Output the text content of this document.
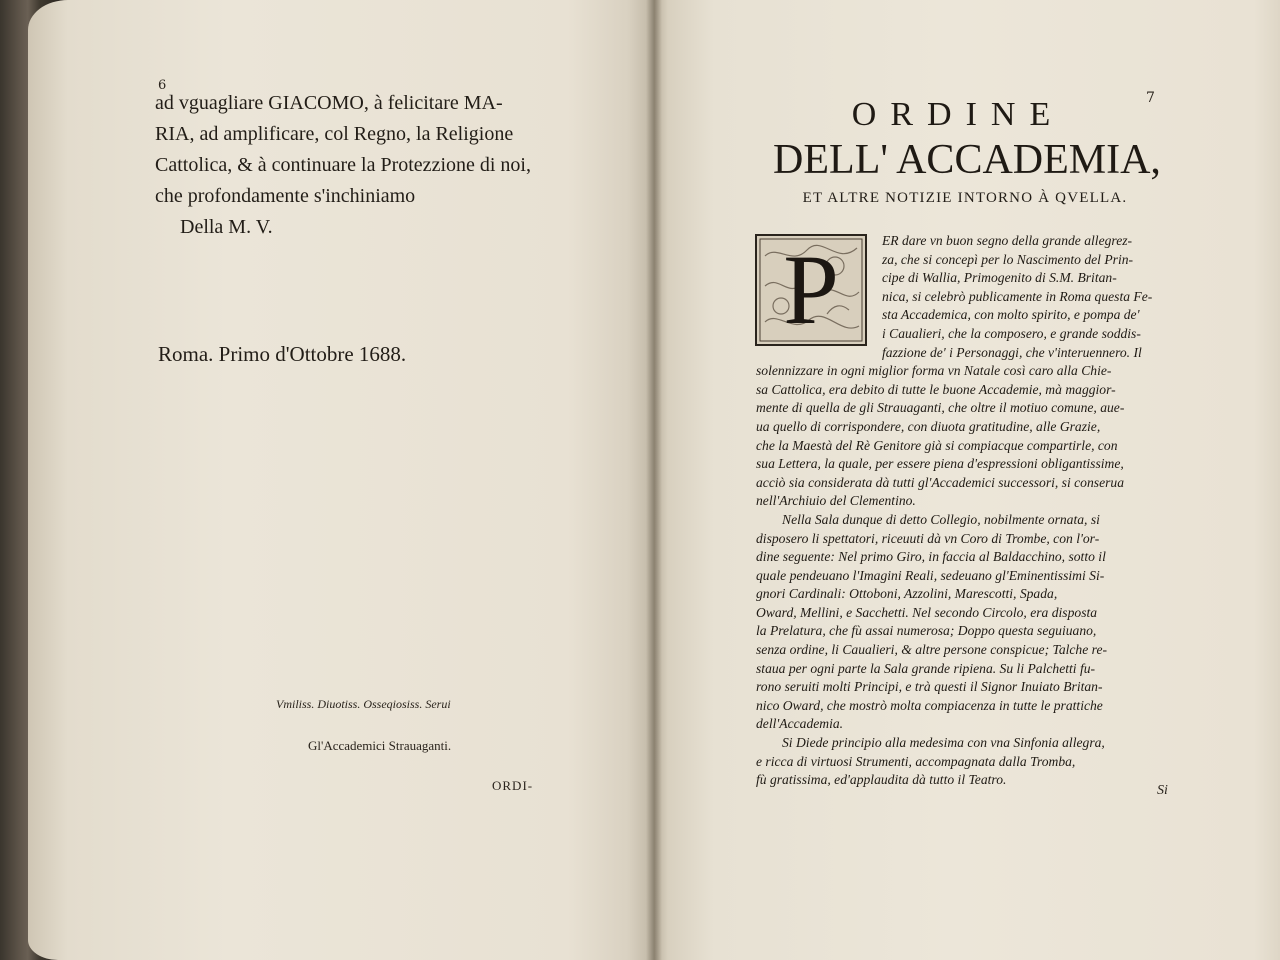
6
ad vguagliare GIACOMO, à felicitare MA-
RIA, ad amplificare, col Regno, la Religione
Cattolica, & à continuare la Protezzione di noi,
che profondamente s'inchiniamo
Della M. V.
Roma. Primo d'Ottobre 1688.
Vmiliss. Diuotiss. Osseqiosiss. Serui
Gl'Accademici Strauaganti.
ORDI-
7
ORDINE
DELL' ACCADEMIA,
ET ALTRE NOTIZIE INTORNO À QVELLA.
P	ER dare vn buon segno della grande allegrez-
za, che si concepì per lo Nascimento del Prin-
cipe di Wallia, Primogenito di S.M. Britan-
nica, si celebrò publicamente in Roma questa Fe-
sta Accademica, con molto spirito, e pompa de'
i Caualieri, che la composero, e grande soddis-
fazzione de' i Personaggi, che v'interuennero. Il
solennizzare in ogni miglior forma vn Natale così caro alla Chie-
sa Cattolica, era debito di tutte le buone Accademie, mà maggior-
mente di quella de gli Strauaganti, che oltre il motiuo comune, aue-
ua quello di corrispondere, con diuota gratitudine, alle Grazie,
che la Maestà del Rè Genitore già si compiacque compartirle, con
sua Lettera, la quale, per essere piena d'espressioni obligantissime,
acciò sia considerata dà tutti gl'Accademici successori, si conserua
nell'Archiuio del Clementino.
Nella Sala dunque di detto Collegio, nobilmente ornata, si
disposero li spettatori, riceuuti dà vn Coro di Trombe, con l'or-
dine seguente: Nel primo Giro, in faccia al Baldacchino, sotto il
quale pendeuano l'Imagini Reali, sedeuano gl'Eminentissimi Si-
gnori Cardinali: Ottoboni, Azzolini, Marescotti, Spada,
Oward, Mellini, e Sacchetti. Nel secondo Circolo, era disposta
la Prelatura, che fù assai numerosa; Doppo questa seguiuano,
senza ordine, li Caualieri, & altre persone conspicue; Talche re-
staua per ogni parte la Sala grande ripiena. Su li Palchetti fu-
rono seruiti molti Principi, e trà questi il Signor Inuiato Britan-
nico Oward, che mostrò molta compiacenza in tutte le prattiche
dell'Accademia.
Si Diede principio alla medesima con vna Sinfonia allegra,
e ricca di virtuosi Strumenti, accompagnata dalla Tromba,
fù gratissima, ed'applaudita dà tutto il Teatro.
Si
